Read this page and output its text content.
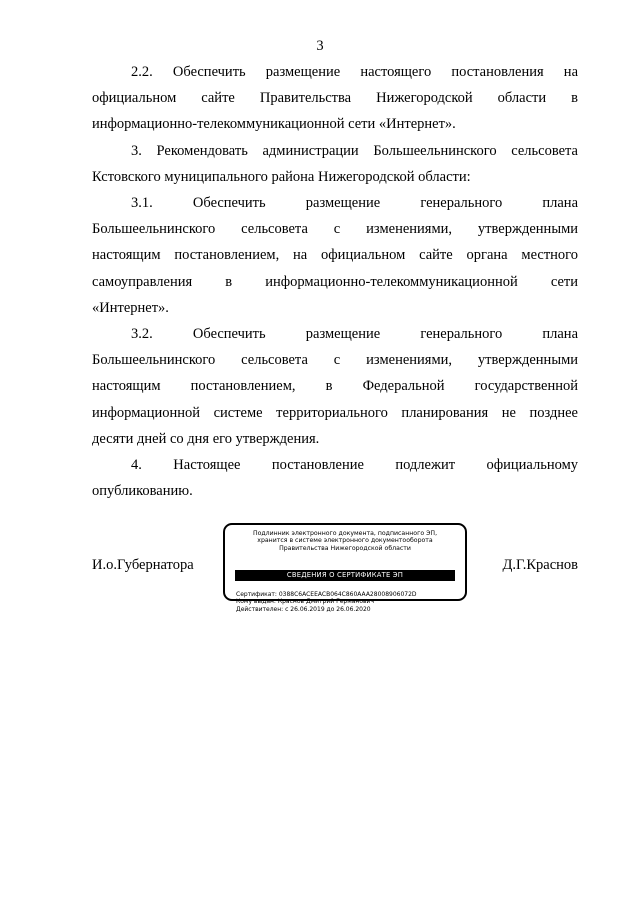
3
2.2. Обеспечить размещение настоящего постановления на
официальном сайте Правительства Нижегородской области в
информационно-телекоммуникационной сети «Интернет».
3. Рекомендовать администрации Большеельнинского сельсовета
Кстовского муниципального района Нижегородской области:
3.1. Обеспечить размещение генерального плана
Большеельнинского сельсовета с изменениями, утвержденными
настоящим постановлением, на официальном сайте органа местного
самоуправления в информационно-телекоммуникационной сети
«Интернет».
3.2. Обеспечить размещение генерального плана
Большеельнинского сельсовета с изменениями, утвержденными
настоящим постановлением, в Федеральной государственной
информационной системе территориального планирования не позднее
десяти дней со дня его утверждения.
4. Настоящее постановление подлежит официальному
опубликованию.
И.о.Губернатора
Подлинник электронного документа, подписанного ЭП,
хранится в системе электронного документооборота
Правительства Нижегородской области
СВЕДЕНИЯ О СЕРТИФИКАТЕ ЭП
Сертификат: 0388C6ACEEACB064C860AAA28008906072D
Кому выдан: Краснов Дмитрий Германович
Действителен: с 26.06.2019 до 26.06.2020
Д.Г.Краснов
